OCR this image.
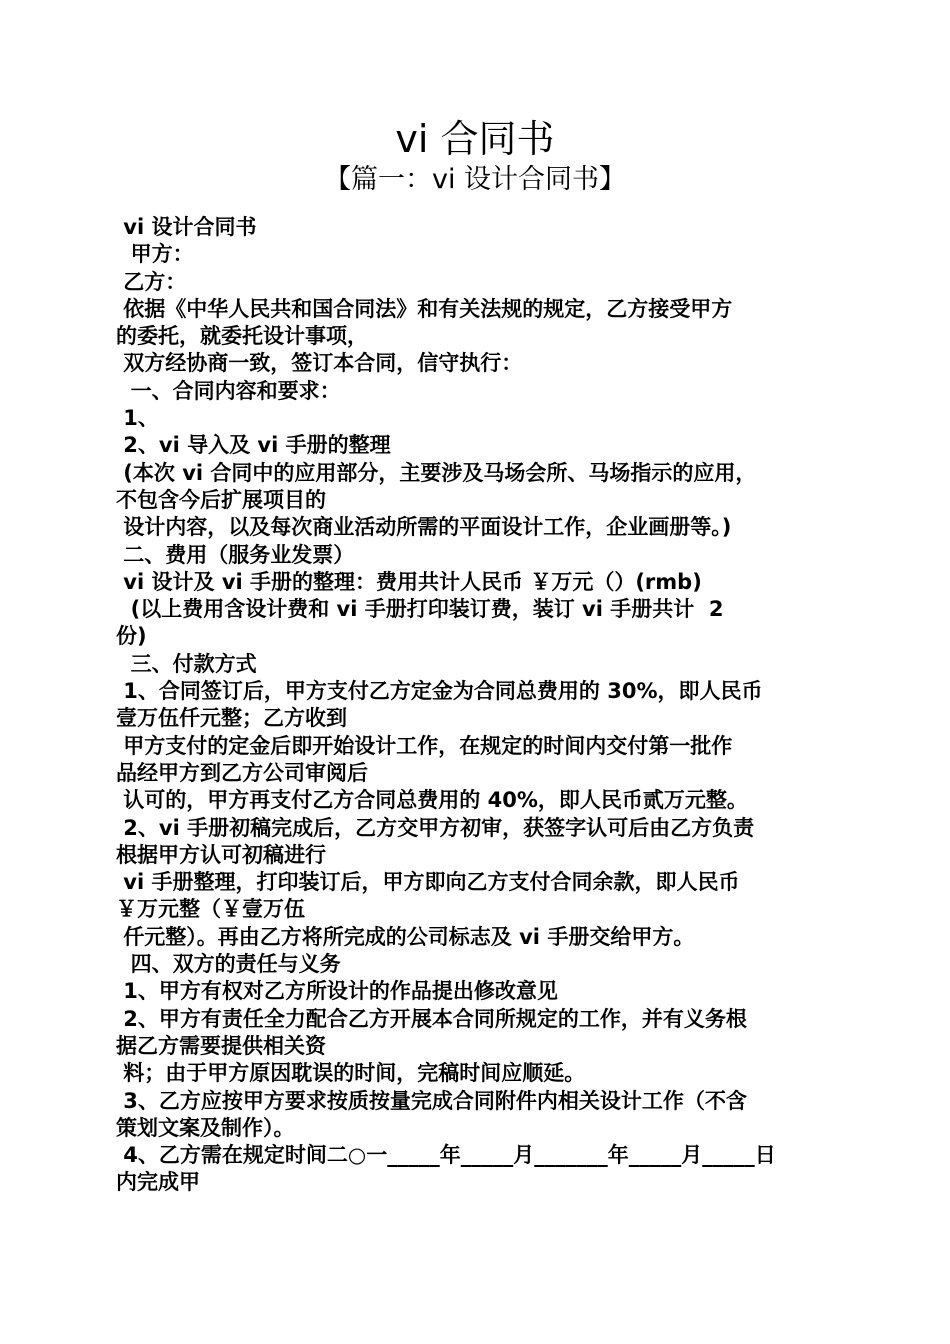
vi 合同书
【篇一：vi 设计合同书】
vi 设计合同书
甲方：
乙方：
依据《中华人民共和国合同法》和有关法规的规定，乙方接受甲方
的委托，就委托设计事项，
双方经协商一致，签订本合同，信守执行：
一、合同内容和要求：
1、
2、vi 导入及 vi 手册的整理
(本次 vi 合同中的应用部分，主要涉及马场会所、马场指示的应用，
不包含今后扩展项目的
设计内容，以及每次商业活动所需的平面设计工作，企业画册等。)
二、费用（服务业发票）
vi 设计及 vi 手册的整理：费用共计人民币 ￥万元（）(rmb)
(以上费用含设计费和 vi 手册打印装订费，装订 vi 手册共计  2
份)
三、付款方式
1、合同签订后，甲方支付乙方定金为合同总费用的 30%，即人民币
壹万伍仟元整；乙方收到
甲方支付的定金后即开始设计工作，在规定的时间内交付第一批作
品经甲方到乙方公司审阅后
认可的，甲方再支付乙方合同总费用的 40%，即人民币贰万元整。
2、vi 手册初稿完成后，乙方交甲方初审，获签字认可后由乙方负责
根据甲方认可初稿进行
vi 手册整理，打印装订后，甲方即向乙方支付合同余款，即人民币
￥万元整（￥壹万伍
仟元整）。再由乙方将所完成的公司标志及 vi 手册交给甲方。
四、双方的责任与义务
1、甲方有权对乙方所设计的作品提出修改意见
2、甲方有责任全力配合乙方开展本合同所规定的工作，并有义务根
据乙方需要提供相关资
料；由于甲方原因耽误的时间，完稿时间应顺延。
3、乙方应按甲方要求按质按量完成合同附件内相关设计工作（不含
策划文案及制作）。
4、乙方需在规定时间二○一_____年_____月_______年_____月_____日
内完成甲
